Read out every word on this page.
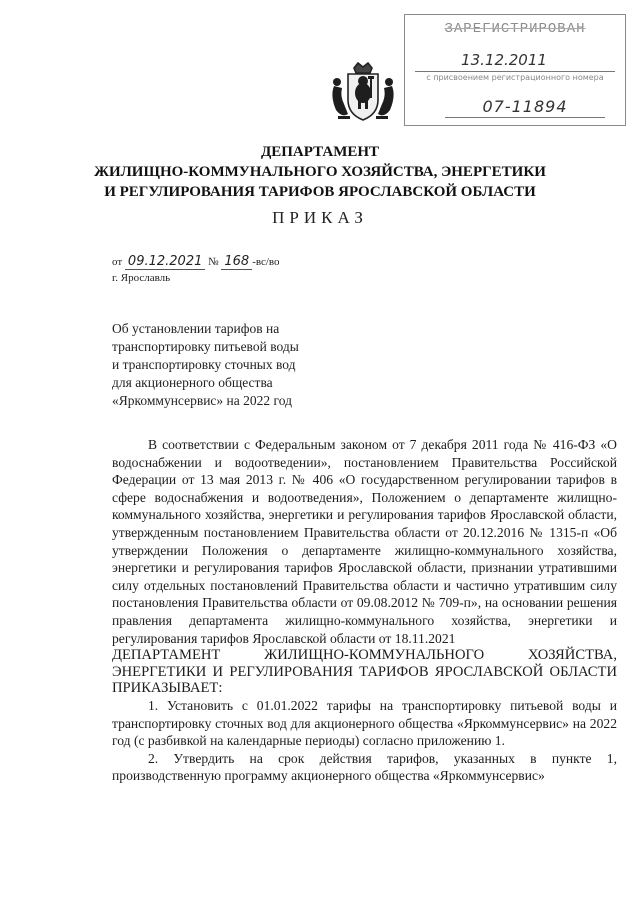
ЗАРЕГИСТРИРОВАН
13.12.2011
с присвоением регистрационного номера
07-11894
ДЕПАРТАМЕНТ
ЖИЛИЩНО-КОММУНАЛЬНОГО ХОЗЯЙСТВА, ЭНЕРГЕТИКИ
И РЕГУЛИРОВАНИЯ ТАРИФОВ ЯРОСЛАВСКОЙ ОБЛАСТИ
ПРИКАЗ
от 09.12.2021 № 168 -вс/во
г. Ярославль
Об установлении тарифов на
транспортировку питьевой воды
и транспортировку сточных вод
для акционерного общества
«Яркоммунсервис» на 2022 год

В соответствии с Федеральным законом от 7 декабря 2011 года № 416-ФЗ «О водоснабжении и водоотведении», постановлением Правительства Российской Федерации от 13 мая 2013 г. № 406 «О государственном регулировании тарифов в сфере водоснабжения и водоотведения», Положением о департаменте жилищно-коммунального хозяйства, энергетики и регулирования тарифов Ярославской области, утвержденным постановлением Правительства области от 20.12.2016 № 1315-п «Об утверждении Положения о департаменте жилищно-коммунального хозяйства, энергетики и регулирования тарифов Ярославской области, признании утратившими силу отдельных постановлений Правительства области и частично утратившим силу постановления Правительства области от 09.08.2012 № 709-п», на основании решения правления департамента жилищно-коммунального хозяйства, энергетики и регулирования тарифов Ярославской области от 18.11.2021

ДЕПАРТАМЕНТ ЖИЛИЩНО-КОММУНАЛЬНОГО ХОЗЯЙСТВА, ЭНЕРГЕТИКИ И РЕГУЛИРОВАНИЯ ТАРИФОВ ЯРОСЛАВСКОЙ ОБЛАСТИ ПРИКАЗЫВАЕТ:

1. Установить с 01.01.2022 тарифы на транспортировку питьевой воды и транспортировку сточных вод для акционерного общества «Яркоммунсервис» на 2022 год (с разбивкой на календарные периоды) согласно приложению 1.

2. Утвердить на срок действия тарифов, указанных в пункте 1, производственную программу акционерного общества «Яркоммунсервис»
